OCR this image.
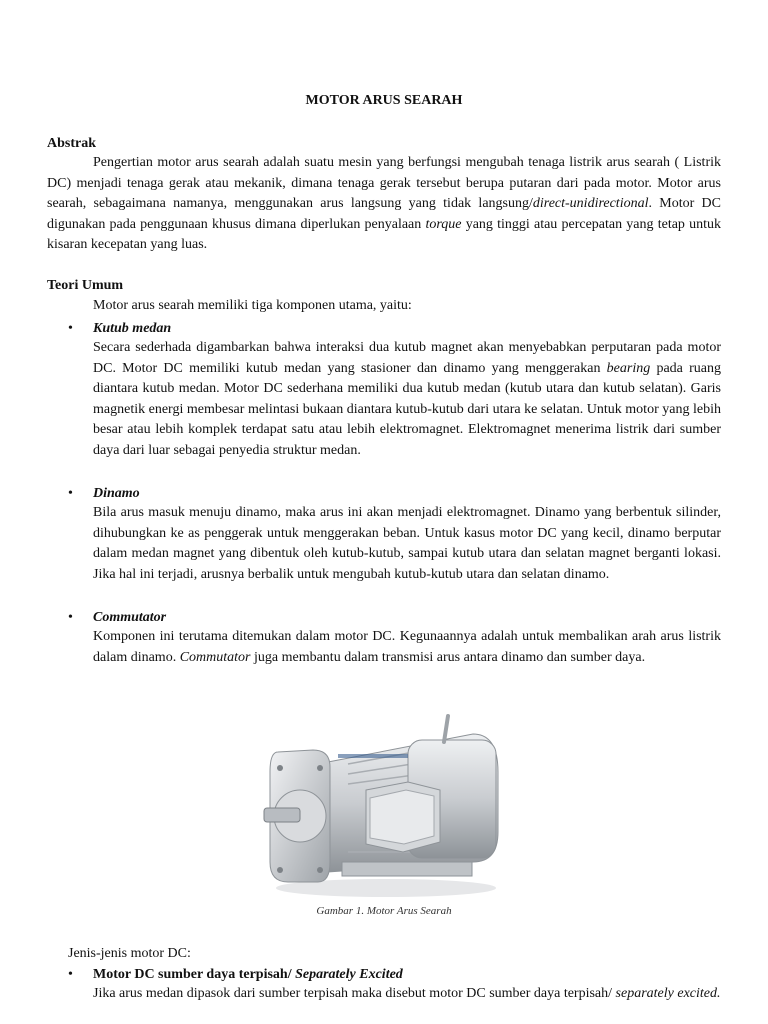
MOTOR ARUS SEARAH
Abstrak

Pengertian motor arus searah adalah suatu mesin yang berfungsi mengubah tenaga listrik arus searah ( Listrik DC) menjadi tenaga gerak atau mekanik, dimana tenaga gerak tersebut berupa putaran dari pada motor. Motor arus searah, sebagaimana namanya, menggunakan arus langsung yang tidak langsung/direct-unidirectional. Motor DC digunakan pada penggunaan khusus dimana diperlukan penyalaan torque yang tinggi atau percepatan yang tetap untuk kisaran kecepatan yang luas.

Teori Umum
Motor arus searah memiliki tiga komponen utama, yaitu:
• Kutub medan

Secara sederhada digambarkan bahwa interaksi dua kutub magnet akan menyebabkan perputaran pada motor DC. Motor DC memiliki kutub medan yang stasioner dan dinamo yang menggerakan bearing pada ruang diantara kutub medan. Motor DC sederhana memiliki dua kutub medan (kutub utara dan kutub selatan). Garis magnetik energi membesar melintasi bukaan diantara kutub-kutub dari utara ke selatan. Untuk motor yang lebih besar atau lebih komplek terdapat satu atau lebih elektromagnet. Elektromagnet menerima listrik dari sumber daya dari luar sebagai penyedia struktur medan.

• Dinamo

Bila arus masuk menuju dinamo, maka arus ini akan menjadi elektromagnet. Dinamo yang berbentuk silinder, dihubungkan ke as penggerak untuk menggerakan beban. Untuk kasus motor DC yang kecil, dinamo berputar dalam medan magnet yang dibentuk oleh kutub-kutub, sampai kutub utara dan selatan magnet berganti lokasi. Jika hal ini terjadi, arusnya berbalik untuk mengubah kutub-kutub utara dan selatan dinamo.

• Commutator

Komponen ini terutama ditemukan dalam motor DC. Kegunaannya adalah untuk membalikan arah arus listrik dalam dinamo. Commutator juga membantu dalam transmisi arus antara dinamo dan sumber daya.

Gambar 1. Motor Arus Searah
Jenis-jenis motor DC:
• Motor DC sumber daya terpisah/ Separately Excited

Jika arus medan dipasok dari sumber terpisah maka disebut motor DC sumber daya terpisah/ separately excited.
